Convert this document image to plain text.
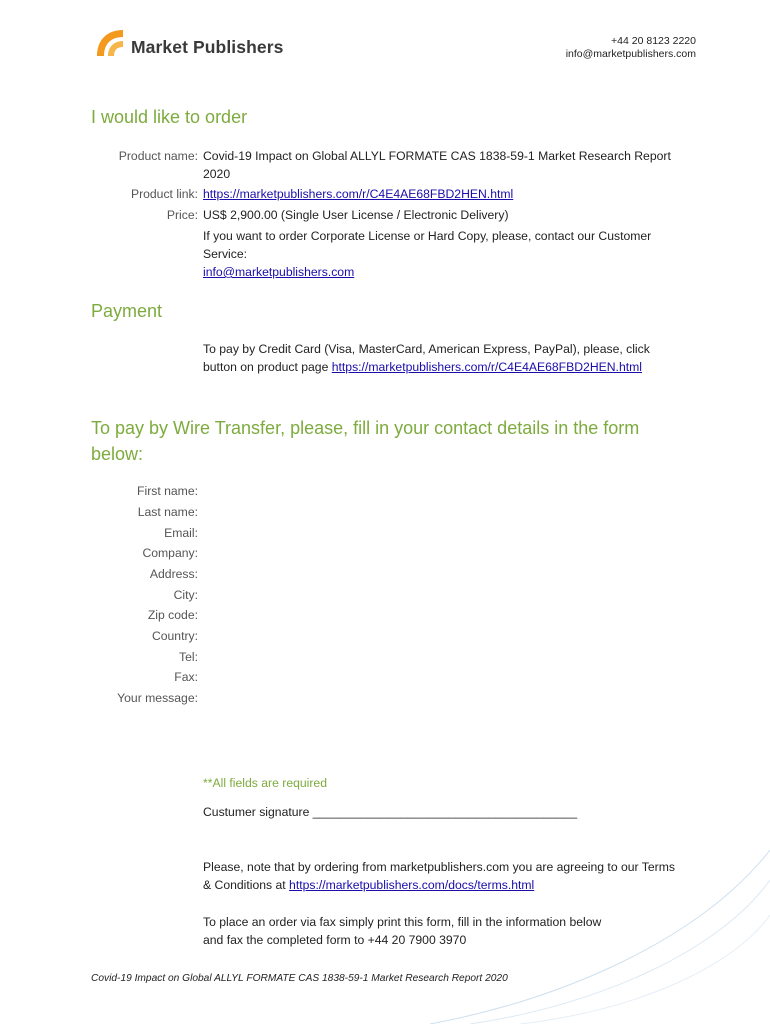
Market Publishers	+44 20 8123 2220
info@marketpublishers.com
I would like to order
Product name: Covid-19 Impact on Global ALLYL FORMATE CAS 1838-59-1 Market Research Report
2020
Product link: https://marketpublishers.com/r/C4E4AE68FBD2HEN.html
Price: US$ 2,900.00 (Single User License / Electronic Delivery)
If you want to order Corporate License or Hard Copy, please, contact our Customer
Service:
info@marketpublishers.com
Payment
To pay by Credit Card (Visa, MasterCard, American Express, PayPal), please, click
button on product page https://marketpublishers.com/r/C4E4AE68FBD2HEN.html
To pay by Wire Transfer, please, fill in your contact details in the form
below:
First name:
Last name:
Email:
Company:
Address:
City:
Zip code:
Country:
Tel:
Fax:
Your message:
**All fields are required
Custumer signature _______________________________________
Please, note that by ordering from marketpublishers.com you are agreeing to our Terms
& Conditions at https://marketpublishers.com/docs/terms.html
To place an order via fax simply print this form, fill in the information below
and fax the completed form to +44 20 7900 3970
Covid-19 Impact on Global ALLYL FORMATE CAS 1838-59-1 Market Research Report 2020
